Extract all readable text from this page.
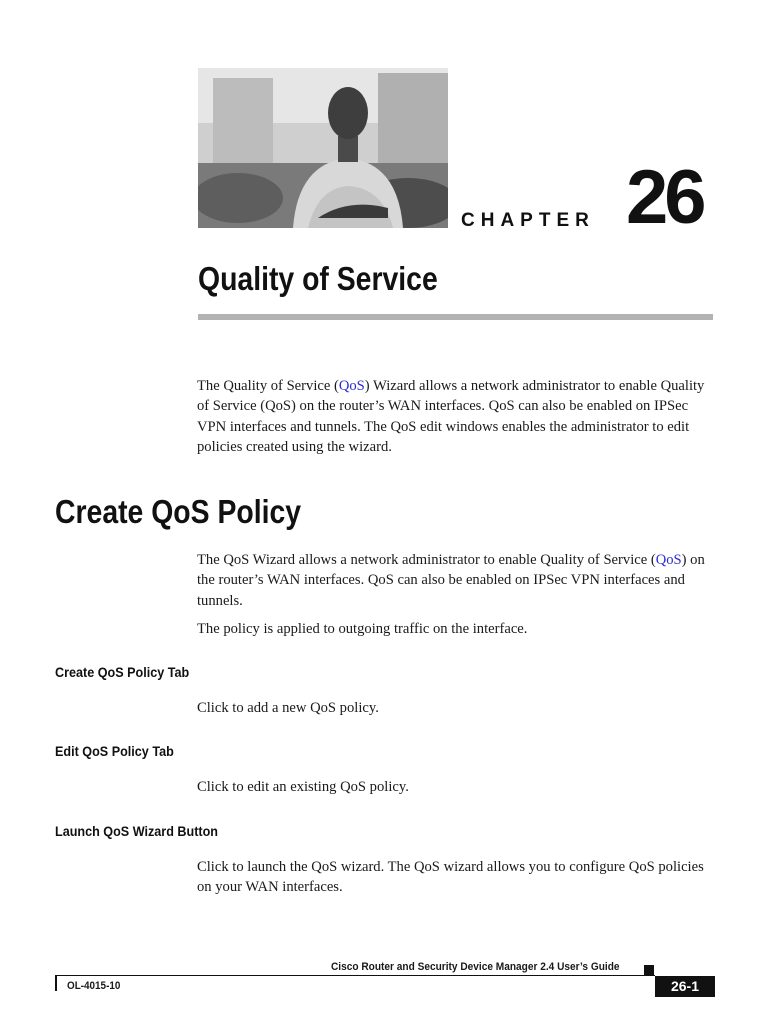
CHAPTER 26
Quality of Service

The Quality of Service (QoS) Wizard allows a network administrator to enable Quality of Service (QoS) on the router’s WAN interfaces. QoS can also be enabled on IPSec VPN interfaces and tunnels. The QoS edit windows enables the administrator to edit policies created using the wizard.

Create QoS Policy

The QoS Wizard allows a network administrator to enable Quality of Service (QoS) on the router’s WAN interfaces. QoS can also be enabled on IPSec VPN interfaces and tunnels.

The policy is applied to outgoing traffic on the interface.
Create QoS Policy Tab
Click to add a new QoS policy.
Edit QoS Policy Tab
Click to edit an existing QoS policy.
Launch QoS Wizard Button
Click to launch the QoS wizard. The QoS wizard allows you to configure QoS policies on your WAN interfaces.
Cisco Router and Security Device Manager 2.4 User’s Guide
OL-4015-10	26-1
